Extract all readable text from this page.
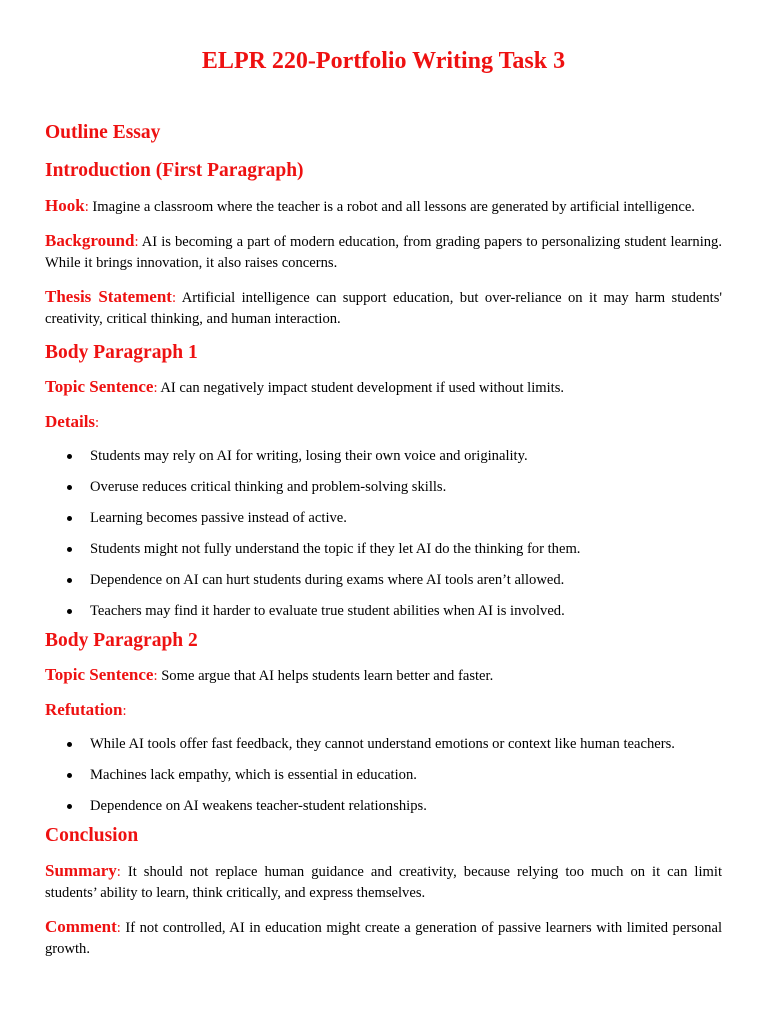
ELPR 220-Portfolio Writing Task 3
Outline Essay
Introduction (First Paragraph)

Hook: Imagine a classroom where the teacher is a robot and all lessons are generated by artificial intelligence.

Background: AI is becoming a part of modern education, from grading papers to personalizing student learning. While it brings innovation, it also raises concerns.

Thesis Statement: Artificial intelligence can support education, but over-reliance on it may harm students' creativity, critical thinking, and human interaction.

Body Paragraph 1

Topic Sentence: AI can negatively impact student development if used without limits.

Details:

Students may rely on AI for writing, losing their own voice and originality.
Overuse reduces critical thinking and problem-solving skills.
Learning becomes passive instead of active.
Students might not fully understand the topic if they let AI do the thinking for them.
Dependence on AI can hurt students during exams where AI tools aren’t allowed.
Teachers may find it harder to evaluate true student abilities when AI is involved.
Body Paragraph 2

Topic Sentence: Some argue that AI helps students learn better and faster.

Refutation:

While AI tools offer fast feedback, they cannot understand emotions or context like human teachers.
Machines lack empathy, which is essential in education.
Dependence on AI weakens teacher-student relationships.
Conclusion

Summary: It should not replace human guidance and creativity, because relying too much on it can limit students’ ability to learn, think critically, and express themselves.

Comment: If not controlled, AI in education might create a generation of passive learners with limited personal growth.
